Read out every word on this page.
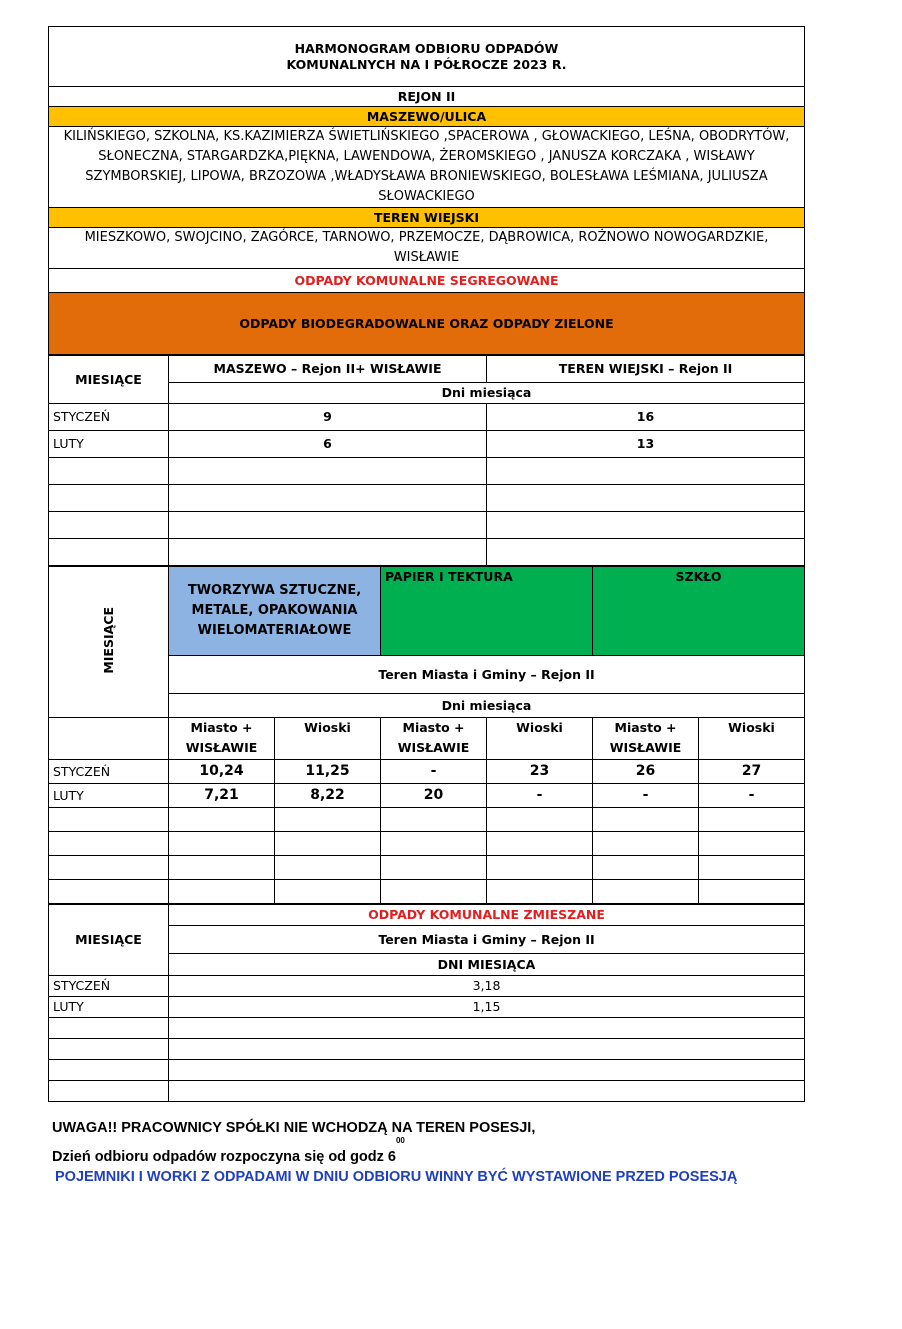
HARMONOGRAM ODBIORU ODPADÓW
KOMUNALNYCH NA I PÓŁROCZE 2023 R.

REJON II
MASZEWO/ULICA
KILIŃSKIEGO, SZKOLNA, KS.KAZIMIERZA ŚWIETLIŃSKIEGO ,SPACEROWA , GŁOWACKIEGO, LEŚNA, OBODRYTÓW, SŁONECZNA, STARGARDZKA,PIĘKNA, LAWENDOWA, ŻEROMSKIEGO , JANUSZA KORCZAKA , WISŁAWY SZYMBORSKIEJ, LIPOWA, BRZOZOWA ,WŁADYSŁAWA BRONIEWSKIEGO, BOLESŁAWA LEŚMIANA, JULIUSZA SŁOWACKIEGO
TEREN WIEJSKI
MIESZKOWO, SWOJCINO, ZAGÓRCE, TARNOWO, PRZEMOCZE, DĄBROWICA, ROŻNOWO NOWOGARDZKIE, WISŁAWIE
ODPADY KOMUNALNE SEGREGOWANE
ODPADY BIODEGRADOWALNE ORAZ ODPADY ZIELONE
MIESIĄCE	MASZEWO – Rejon II+ WISŁAWIE	TEREN WIEJSKI – Rejon II
	Dni miesiąca	
STYCZEŃ	9	16
LUTY	6	13

MIESIĄCE	TWORZYWA SZTUCZNE, METALE, OPAKOWANIA WIELOMATERIAŁOWE		PAPIER I TEKTURA		SZKŁO	
	Teren Miasta i Gminy – Rejon II					
	Dni miesiąca					
	Miasto + WISŁAWIE	Wioski	Miasto + WISŁAWIE	Wioski	Miasto + WISŁAWIE	Wioski
STYCZEŃ	10,24	11,25	-	23	26	27
LUTY	7,21	8,22	20	-	-	-

MIESIĄCE	ODPADY KOMUNALNE ZMIESZANE
	Teren Miasta i Gminy – Rejon II
	DNI MIESIĄCA
STYCZEŃ	3,18
LUTY	1,15

UWAGA!! PRACOWNICY SPÓŁKI NIE WCHODZĄ NA TEREN POSESJI,
Dzień odbioru odpadów rozpoczyna się od godz $6^{00}$
POJEMNIKI I WORKI Z ODPADAMI W DNIU ODBIORU WINNY BYĆ WYSTAWIONE PRZED POSESJĄ
